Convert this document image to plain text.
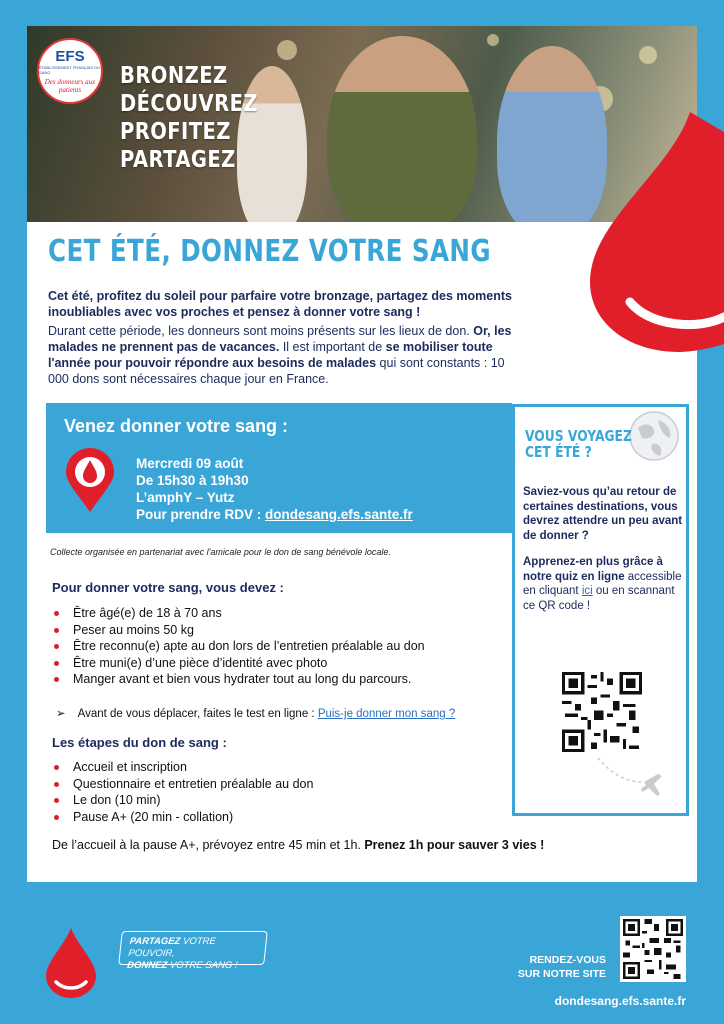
EFS
ÉTABLISSEMENT FRANÇAIS DU SANG
Des donneurs aux patients
BRONZEZ
DÉCOUVREZ
PROFITEZ
PARTAGEZ
CET ÉTÉ, DONNEZ VOTRE SANG
Cet été, profitez du soleil pour parfaire votre bronzage, partagez des moments inoubliables avec vos proches et pensez à donner votre sang !
Durant cette période, les donneurs sont moins présents sur les lieux de don. Or, les malades ne prennent pas de vacances. Il est important de se mobiliser toute l'année pour pouvoir répondre aux besoins de malades qui sont constants : 10 000 dons sont nécessaires chaque jour en France.
Venez donner votre sang :
Mercredi 09 août
De 15h30 à 19h30
L’amphY – Yutz
Pour prendre RDV : dondesang.efs.sante.fr
Collecte organisée en partenariat avec l'amicale pour le don de sang bénévole locale.
VOUS VOYAGEZ
CET ÉTÉ ?
Saviez-vous qu’au retour de certaines destinations, vous devrez attendre un peu avant de donner ?
Apprenez-en plus grâce à notre quiz en ligne accessible en cliquant ici ou en scannant ce QR code !
Pour donner votre sang, vous devez :
Être âgé(e) de 18 à 70 ans
Peser au moins 50 kg
Être reconnu(e) apte au don lors de l’entretien préalable au don
Être muni(e) d’une pièce d’identité avec photo
Manger avant et bien vous hydrater tout au long du parcours.
➢ Avant de vous déplacer, faites le test en ligne : Puis-je donner mon sang ?
Les étapes du don de sang :
Accueil et inscription
Questionnaire et entretien préalable au don
Le don (10 min)
Pause A+ (20 min - collation)
De l’accueil à la pause A+, prévoyez entre 45 min et 1h. Prenez 1h pour sauver 3 vies !
PARTAGEZ VOTRE POUVOIR,
DONNEZ VOTRE SANG !	RENDEZ-VOUS
SUR NOTRE SITE
dondesang.efs.sante.fr
